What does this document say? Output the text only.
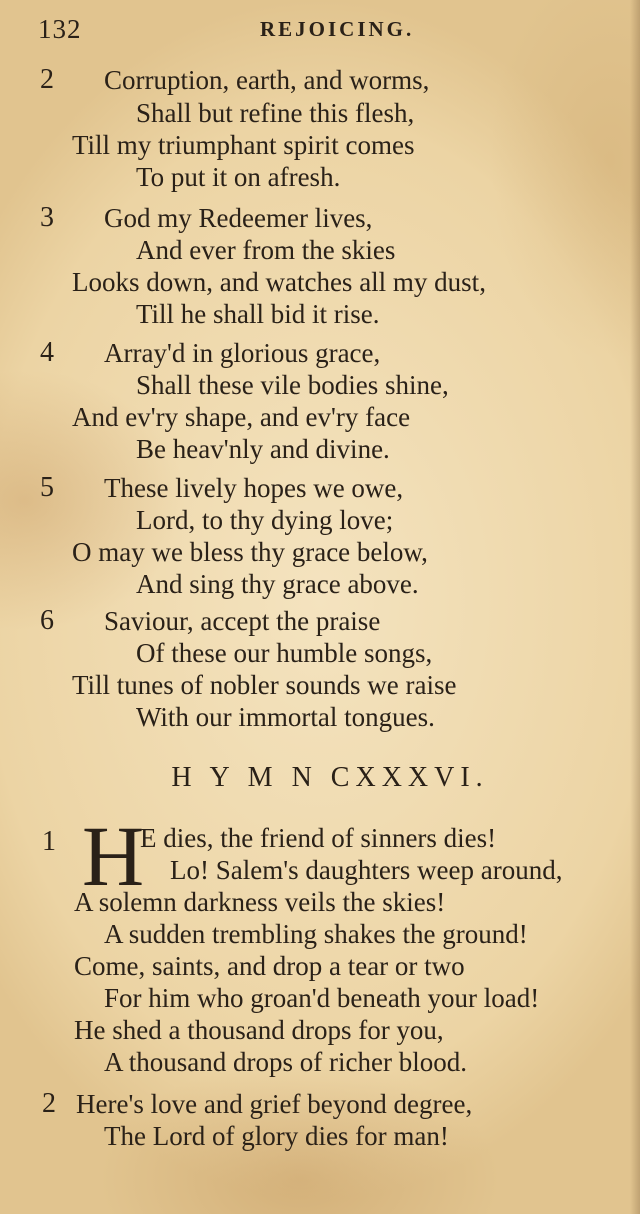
132	REJOICING.
2 Corruption, earth, and worms,
Shall but refine this flesh,
Till my triumphant spirit comes
To put it on afresh.
3 God my Redeemer lives,
And ever from the skies
Looks down, and watches all my dust,
Till he shall bid it rise.
4 Array'd in glorious grace,
Shall these vile bodies shine,
And ev'ry shape, and ev'ry face
Be heav'nly and divine.
5 These lively hopes we owe,
Lord, to thy dying love;
O may we bless thy grace below,
And sing thy grace above.
6 Saviour, accept the praise
Of these our humble songs,
Till tunes of nobler sounds we raise
With our immortal tongues.
H Y M N CXXXVI.
1 H
E dies, the friend of sinners dies!
Lo! Salem's daughters weep around,
A solemn darkness veils the skies!
A sudden trembling shakes the ground!
Come, saints, and drop a tear or two
For him who groan'd beneath your load!
He shed a thousand drops for you,
A thousand drops of richer blood.
2 Here's love and grief beyond degree,
The Lord of glory dies for man!
